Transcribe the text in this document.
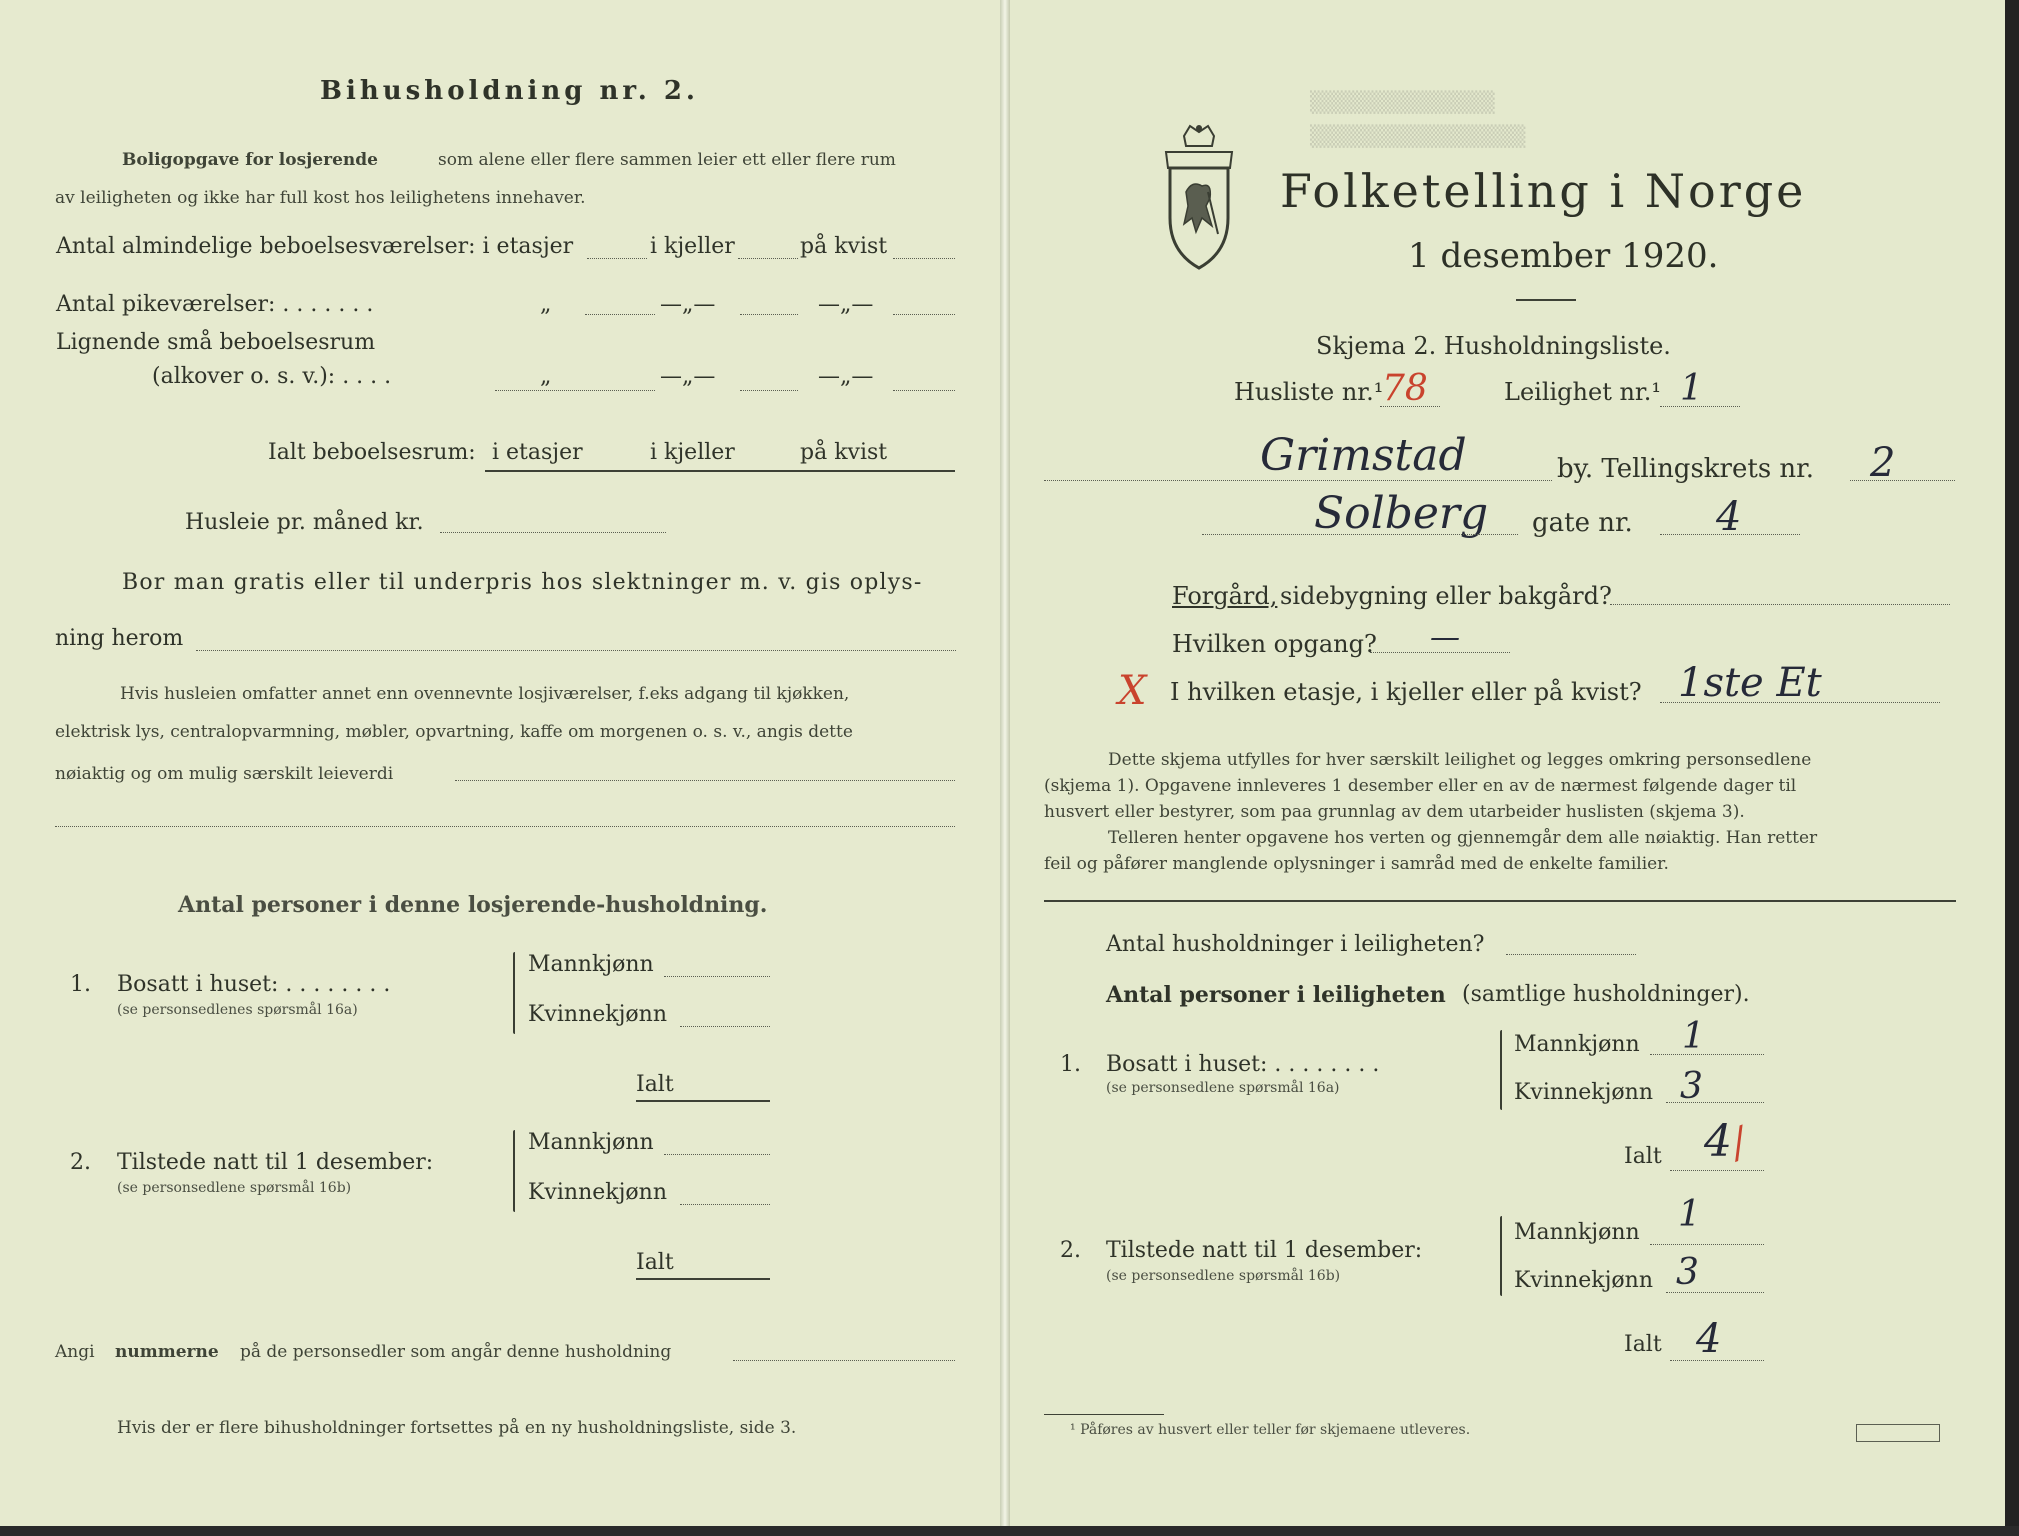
Bihusholdning nr. 2.
Boligopgave for losjerende	som alene eller flere sammen leier ett eller flere rum
av leiligheten og ikke har full kost hos leilighetens innehaver.
Antal almindelige beboelsesværelser: i etasjer	i kjeller	på kvist
Antal pikeværelser: . . . . . . .	„	—„—	—„—
Lignende små beboelsesrum
(alkover o. s. v.): . . . .	„	—„—	—„—
Ialt beboelsesrum: i etasjer	i kjeller	på kvist
Husleie pr. måned kr.
Bor man gratis eller til underpris hos slektninger m. v. gis oplys-
ning herom
Hvis husleien omfatter annet enn ovennevnte losjiværelser, f.eks adgang til kjøkken,
elektrisk lys, centralopvarmning, møbler, opvartning, kaffe om morgenen o. s. v., angis dette
nøiaktig og om mulig særskilt leieverdi
Antal personer i denne losjerende-husholdning.
1. Bosatt i huset: . . . . . . . .
(se personsedlenes spørsmål 16a)
Mannkjønn
Kvinnekjønn
Ialt
2. Tilstede natt til 1 desember:
(se personsedlene spørsmål 16b)
Mannkjønn
Kvinnekjønn
Ialt
Angi nummerne på de personsedler som angår denne husholdning
Hvis der er flere bihusholdninger fortsettes på en ny husholdningsliste, side 3.
▒▒▒▒▒▒▒▒▒▒▒▒
▒▒▒▒▒▒▒▒▒▒▒▒▒▒
Folketelling i Norge
1 desember 1920.
Skjema 2. Husholdningsliste.
Husliste nr.¹
78	Leilighet nr.¹ 1
Grimstad	by. Tellingskrets nr. 2
Solberg gate nr. 4
Forgård, sidebygning eller bakgård?
Hvilken opgang? —
X I hvilken etasje, i kjeller eller på kvist? 1ste Et
Dette skjema utfylles for hver særskilt leilighet og legges omkring personsedlene
(skjema 1). Opgavene innleveres 1 desember eller en av de nærmest følgende dager til
husvert eller bestyrer, som paa grunnlag av dem utarbeider huslisten (skjema 3).
Telleren henter opgavene hos verten og gjennemgår dem alle nøiaktig. Han retter
feil og påfører manglende oplysninger i samråd med de enkelte familier.
Antal husholdninger i leiligheten?
Antal personer i leiligheten (samtlige husholdninger).
1. Bosatt i huset: . . . . . . . .
(se personsedlene spørsmål 16a)
Mannkjønn 1
Kvinnekjønn 3
Ialt 4
/
2. Tilstede natt til 1 desember:
(se personsedlene spørsmål 16b)
Mannkjønn 1
Kvinnekjønn 3
Ialt 4
¹ Påføres av husvert eller teller før skjemaene utleveres.
